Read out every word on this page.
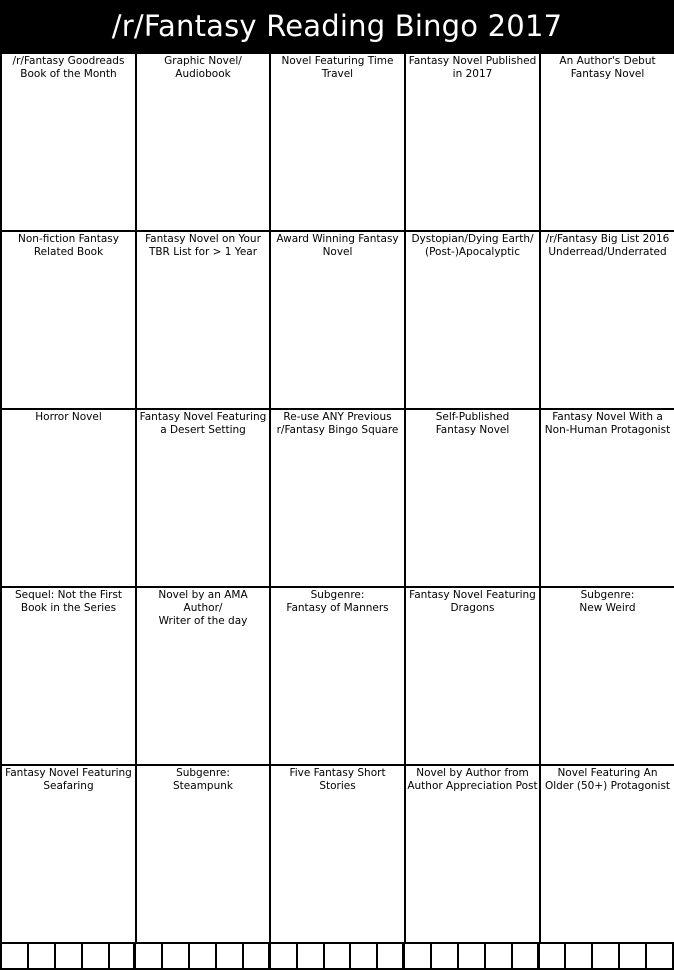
/r/Fantasy Reading Bingo 2017
/r/Fantasy Goodreads
Book of the Month
Graphic Novel/
Audiobook
Novel Featuring Time
Travel
Fantasy Novel Published
in 2017
An Author's Debut
Fantasy Novel
Non-fiction Fantasy
Related Book
Fantasy Novel on Your
TBR List for > 1 Year
Award Winning Fantasy
Novel
Dystopian/Dying Earth/
(Post-)Apocalyptic
/r/Fantasy Big List 2016
Underread/Underrated
Horror Novel	Fantasy Novel Featuring
a Desert Setting
Re-use ANY Previous
r/Fantasy Bingo Square
Self-Published
Fantasy Novel
Fantasy Novel With a
Non-Human Protagonist
Sequel: Not the First
Book in the Series
Novel by an AMA Author/
Writer of the day
Subgenre:
Fantasy of Manners
Fantasy Novel Featuring
Dragons
Subgenre:
New Weird
Fantasy Novel Featuring
Seafaring
Subgenre:
Steampunk
Five Fantasy Short
Stories
Novel by Author from
Author Appreciation Post
Novel Featuring An
Older (50+) Protagonist
